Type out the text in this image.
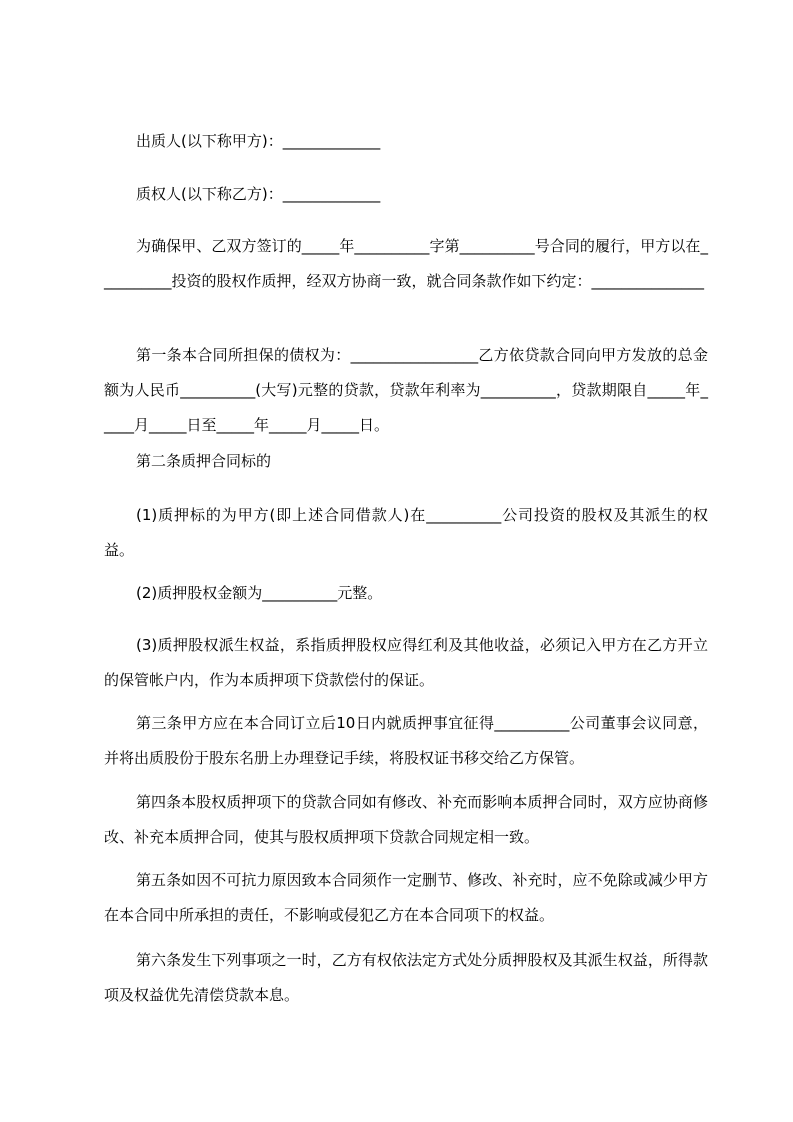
出质人(以下称甲方)：_____________

质权人(以下称乙方)：_____________

为确保甲、乙双方签订的_____年__________字第__________号合同的履行，甲方以在__________投资的股权作质押，经双方协商一致，就合同条款作如下约定：_______________

第一条本合同所担保的债权为：_________________乙方依贷款合同向甲方发放的总金额为人民币__________(大写)元整的贷款，贷款年利率为__________，贷款期限自_____年_____月_____日至_____年_____月_____日。

第二条质押合同标的

(1)质押标的为甲方(即上述合同借款人)在__________公司投资的股权及其派生的权益。

(2)质押股权金额为__________元整。

(3)质押股权派生权益，系指质押股权应得红利及其他收益，必须记入甲方在乙方开立的保管帐户内，作为本质押项下贷款偿付的保证。

第三条甲方应在本合同订立后10日内就质押事宜征得__________公司董事会议同意，并将出质股份于股东名册上办理登记手续，将股权证书移交给乙方保管。

第四条本股权质押项下的贷款合同如有修改、补充而影响本质押合同时，双方应协商修改、补充本质押合同，使其与股权质押项下贷款合同规定相一致。

第五条如因不可抗力原因致本合同须作一定删节、修改、补充时，应不免除或减少甲方在本合同中所承担的责任，不影响或侵犯乙方在本合同项下的权益。

第六条发生下列事项之一时，乙方有权依法定方式处分质押股权及其派生权益，所得款项及权益优先清偿贷款本息。
